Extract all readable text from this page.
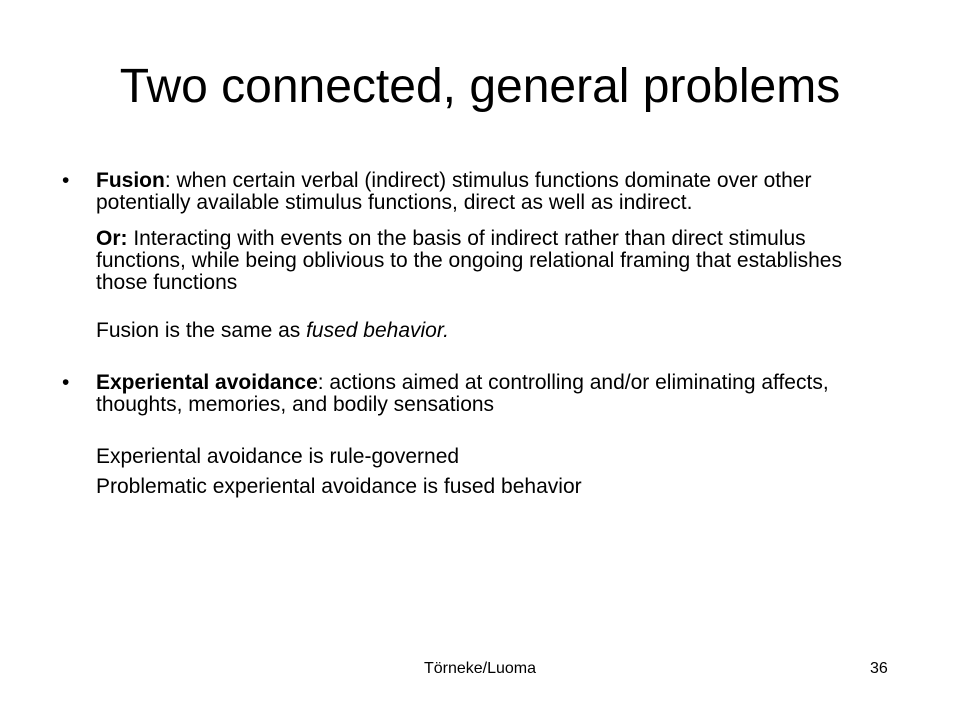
Two connected, general problems

• Fusion: when certain verbal (indirect) stimulus functions dominate over other potentially available stimulus functions, direct as well as indirect.

Or: Interacting with events on the basis of indirect rather than direct stimulus functions, while being oblivious to the ongoing relational framing that establishes those functions

Fusion is the same as fused behavior.

• Experiental avoidance: actions aimed at controlling and/or eliminating affects, thoughts, memories, and bodily sensations

Experiental avoidance is rule-governed

Problematic experiental avoidance is fused behavior

Törneke/Luoma	36
